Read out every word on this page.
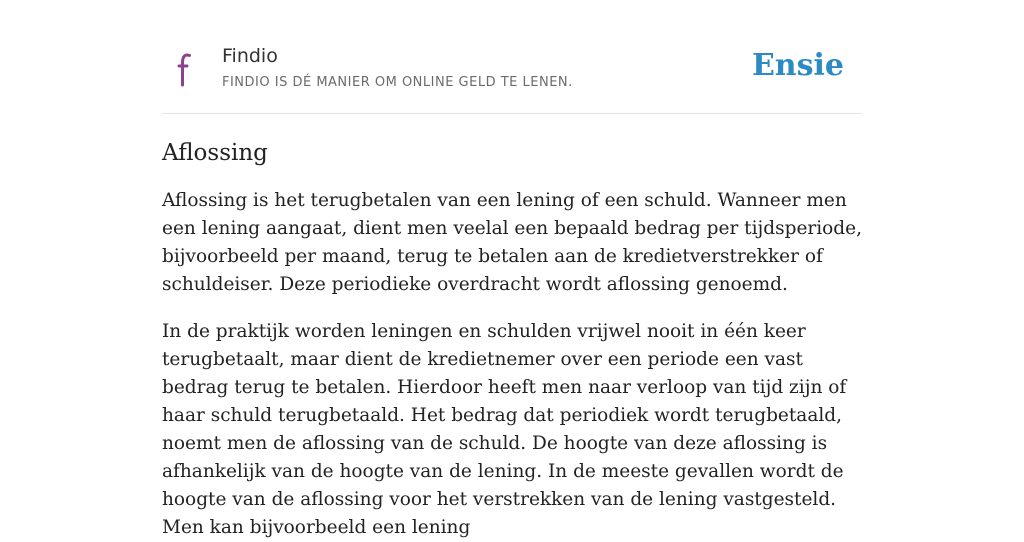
Findio
FINDIO IS DÉ MANIER OM ONLINE GELD TE LENEN.	Ensie
Aflossing

Aflossing is het terugbetalen van een lening of een schuld. Wanneer men een lening aangaat, dient men veelal een bepaald bedrag per tijdsperiode, bijvoorbeeld per maand, terug te betalen aan de kredietverstrekker of schuldeiser. Deze periodieke overdracht wordt aflossing genoemd.

In de praktijk worden leningen en schulden vrijwel nooit in één keer terugbetaalt, maar dient de kredietnemer over een periode een vast bedrag terug te betalen. Hierdoor heeft men naar verloop van tijd zijn of haar schuld terugbetaald. Het bedrag dat periodiek wordt terugbetaald, noemt men de aflossing van de schuld. De hoogte van deze aflossing is afhankelijk van de hoogte van de lening. In de meeste gevallen wordt de hoogte van de aflossing voor het verstrekken van de lening vastgesteld. Men kan bijvoorbeeld een lening
